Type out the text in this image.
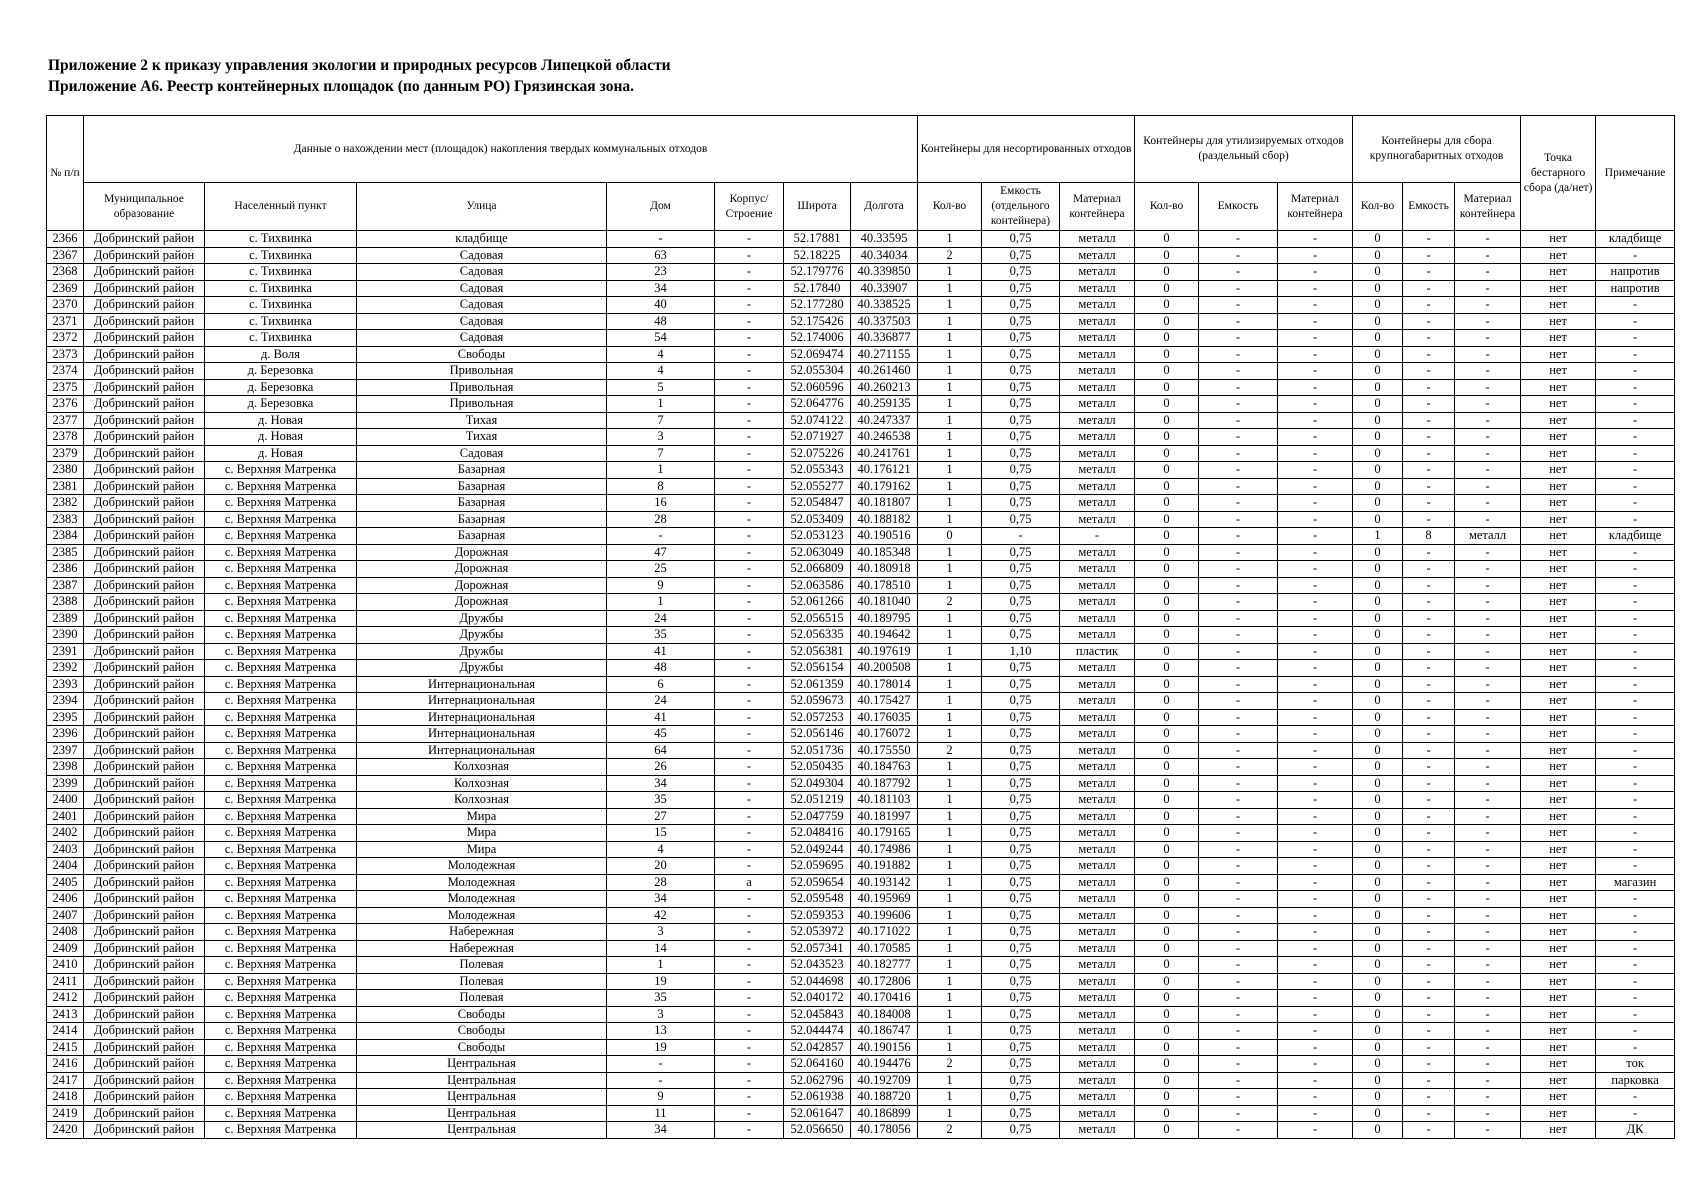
Приложение 2 к приказу управления экологии и природных ресурсов Липецкой области
Приложение А6. Реестр контейнерных площадок (по данным РО) Грязинская зона.
№ п/п	Данные о нахождении мест (площадок) накопления твердых коммунальных отходов							Контейнеры для несортированных отходов			Контейнеры для утилизируемых отходов (раздельный сбор)			Контейнеры для сбора крупногабаритных отходов			Точка бестарного сбора (да/нет)	Примечание
	Муниципальное образование	Населенный пункт	Улица	Дом	Корпус/ Строение	Широта	Долгота	Кол-во	Емкость (отдельного контейнера)	Материал контейнера	Кол-во	Емкость	Материал контейнера	Кол-во	Емкость	Материал контейнера		
2366	Добринский район	с. Тихвинка	кладбище	-	-	52.17881	40.33595	1	0,75	металл	0	-	-	0	-	-	нет	кладбище
2367	Добринский район	с. Тихвинка	Садовая	63	-	52.18225	40.34034	2	0,75	металл	0	-	-	0	-	-	нет	-
2368	Добринский район	с. Тихвинка	Садовая	23	-	52.179776	40.339850	1	0,75	металл	0	-	-	0	-	-	нет	напротив
2369	Добринский район	с. Тихвинка	Садовая	34	-	52.17840	40.33907	1	0,75	металл	0	-	-	0	-	-	нет	напротив
2370	Добринский район	с. Тихвинка	Садовая	40	-	52.177280	40.338525	1	0,75	металл	0	-	-	0	-	-	нет	-
2371	Добринский район	с. Тихвинка	Садовая	48	-	52.175426	40.337503	1	0,75	металл	0	-	-	0	-	-	нет	-
2372	Добринский район	с. Тихвинка	Садовая	54	-	52.174006	40.336877	1	0,75	металл	0	-	-	0	-	-	нет	-
2373	Добринский район	д. Воля	Свободы	4	-	52.069474	40.271155	1	0,75	металл	0	-	-	0	-	-	нет	-
2374	Добринский район	д. Березовка	Привольная	4	-	52.055304	40.261460	1	0,75	металл	0	-	-	0	-	-	нет	-
2375	Добринский район	д. Березовка	Привольная	5	-	52.060596	40.260213	1	0,75	металл	0	-	-	0	-	-	нет	-
2376	Добринский район	д. Березовка	Привольная	1	-	52.064776	40.259135	1	0,75	металл	0	-	-	0	-	-	нет	-
2377	Добринский район	д. Новая	Тихая	7	-	52.074122	40.247337	1	0,75	металл	0	-	-	0	-	-	нет	-
2378	Добринский район	д. Новая	Тихая	3	-	52.071927	40.246538	1	0,75	металл	0	-	-	0	-	-	нет	-
2379	Добринский район	д. Новая	Садовая	7	-	52.075226	40.241761	1	0,75	металл	0	-	-	0	-	-	нет	-
2380	Добринский район	с. Верхняя Матренка	Базарная	1	-	52.055343	40.176121	1	0,75	металл	0	-	-	0	-	-	нет	-
2381	Добринский район	с. Верхняя Матренка	Базарная	8	-	52.055277	40.179162	1	0,75	металл	0	-	-	0	-	-	нет	-
2382	Добринский район	с. Верхняя Матренка	Базарная	16	-	52.054847	40.181807	1	0,75	металл	0	-	-	0	-	-	нет	-
2383	Добринский район	с. Верхняя Матренка	Базарная	28	-	52.053409	40.188182	1	0,75	металл	0	-	-	0	-	-	нет	-
2384	Добринский район	с. Верхняя Матренка	Базарная	-	-	52.053123	40.190516	0	-	-	0	-	-	1	8	металл	нет	кладбище
2385	Добринский район	с. Верхняя Матренка	Дорожная	47	-	52.063049	40.185348	1	0,75	металл	0	-	-	0	-	-	нет	-
2386	Добринский район	с. Верхняя Матренка	Дорожная	25	-	52.066809	40.180918	1	0,75	металл	0	-	-	0	-	-	нет	-
2387	Добринский район	с. Верхняя Матренка	Дорожная	9	-	52.063586	40.178510	1	0,75	металл	0	-	-	0	-	-	нет	-
2388	Добринский район	с. Верхняя Матренка	Дорожная	1	-	52.061266	40.181040	2	0,75	металл	0	-	-	0	-	-	нет	-
2389	Добринский район	с. Верхняя Матренка	Дружбы	24	-	52.056515	40.189795	1	0,75	металл	0	-	-	0	-	-	нет	-
2390	Добринский район	с. Верхняя Матренка	Дружбы	35	-	52.056335	40.194642	1	0,75	металл	0	-	-	0	-	-	нет	-
2391	Добринский район	с. Верхняя Матренка	Дружбы	41	-	52.056381	40.197619	1	1,10	пластик	0	-	-	0	-	-	нет	-
2392	Добринский район	с. Верхняя Матренка	Дружбы	48	-	52.056154	40.200508	1	0,75	металл	0	-	-	0	-	-	нет	-
2393	Добринский район	с. Верхняя Матренка	Интернациональная	6	-	52.061359	40.178014	1	0,75	металл	0	-	-	0	-	-	нет	-
2394	Добринский район	с. Верхняя Матренка	Интернациональная	24	-	52.059673	40.175427	1	0,75	металл	0	-	-	0	-	-	нет	-
2395	Добринский район	с. Верхняя Матренка	Интернациональная	41	-	52.057253	40.176035	1	0,75	металл	0	-	-	0	-	-	нет	-
2396	Добринский район	с. Верхняя Матренка	Интернациональная	45	-	52.056146	40.176072	1	0,75	металл	0	-	-	0	-	-	нет	-
2397	Добринский район	с. Верхняя Матренка	Интернациональная	64	-	52.051736	40.175550	2	0,75	металл	0	-	-	0	-	-	нет	-
2398	Добринский район	с. Верхняя Матренка	Колхозная	26	-	52.050435	40.184763	1	0,75	металл	0	-	-	0	-	-	нет	-
2399	Добринский район	с. Верхняя Матренка	Колхозная	34	-	52.049304	40.187792	1	0,75	металл	0	-	-	0	-	-	нет	-
2400	Добринский район	с. Верхняя Матренка	Колхозная	35	-	52.051219	40.181103	1	0,75	металл	0	-	-	0	-	-	нет	-
2401	Добринский район	с. Верхняя Матренка	Мира	27	-	52.047759	40.181997	1	0,75	металл	0	-	-	0	-	-	нет	-
2402	Добринский район	с. Верхняя Матренка	Мира	15	-	52.048416	40.179165	1	0,75	металл	0	-	-	0	-	-	нет	-
2403	Добринский район	с. Верхняя Матренка	Мира	4	-	52.049244	40.174986	1	0,75	металл	0	-	-	0	-	-	нет	-
2404	Добринский район	с. Верхняя Матренка	Молодежная	20	-	52.059695	40.191882	1	0,75	металл	0	-	-	0	-	-	нет	-
2405	Добринский район	с. Верхняя Матренка	Молодежная	28	а	52.059654	40.193142	1	0,75	металл	0	-	-	0	-	-	нет	магазин
2406	Добринский район	с. Верхняя Матренка	Молодежная	34	-	52.059548	40.195969	1	0,75	металл	0	-	-	0	-	-	нет	-
2407	Добринский район	с. Верхняя Матренка	Молодежная	42	-	52.059353	40.199606	1	0,75	металл	0	-	-	0	-	-	нет	-
2408	Добринский район	с. Верхняя Матренка	Набережная	3	-	52.053972	40.171022	1	0,75	металл	0	-	-	0	-	-	нет	-
2409	Добринский район	с. Верхняя Матренка	Набережная	14	-	52.057341	40.170585	1	0,75	металл	0	-	-	0	-	-	нет	-
2410	Добринский район	с. Верхняя Матренка	Полевая	1	-	52.043523	40.182777	1	0,75	металл	0	-	-	0	-	-	нет	-
2411	Добринский район	с. Верхняя Матренка	Полевая	19	-	52.044698	40.172806	1	0,75	металл	0	-	-	0	-	-	нет	-
2412	Добринский район	с. Верхняя Матренка	Полевая	35	-	52.040172	40.170416	1	0,75	металл	0	-	-	0	-	-	нет	-
2413	Добринский район	с. Верхняя Матренка	Свободы	3	-	52.045843	40.184008	1	0,75	металл	0	-	-	0	-	-	нет	-
2414	Добринский район	с. Верхняя Матренка	Свободы	13	-	52.044474	40.186747	1	0,75	металл	0	-	-	0	-	-	нет	-
2415	Добринский район	с. Верхняя Матренка	Свободы	19	-	52.042857	40.190156	1	0,75	металл	0	-	-	0	-	-	нет	-
2416	Добринский район	с. Верхняя Матренка	Центральная	-	-	52.064160	40.194476	2	0,75	металл	0	-	-	0	-	-	нет	ток
2417	Добринский район	с. Верхняя Матренка	Центральная	-	-	52.062796	40.192709	1	0,75	металл	0	-	-	0	-	-	нет	парковка
2418	Добринский район	с. Верхняя Матренка	Центральная	9	-	52.061938	40.188720	1	0,75	металл	0	-	-	0	-	-	нет	-
2419	Добринский район	с. Верхняя Матренка	Центральная	11	-	52.061647	40.186899	1	0,75	металл	0	-	-	0	-	-	нет	-
2420	Добринский район	с. Верхняя Матренка	Центральная	34	-	52.056650	40.178056	2	0,75	металл	0	-	-	0	-	-	нет	ДК
